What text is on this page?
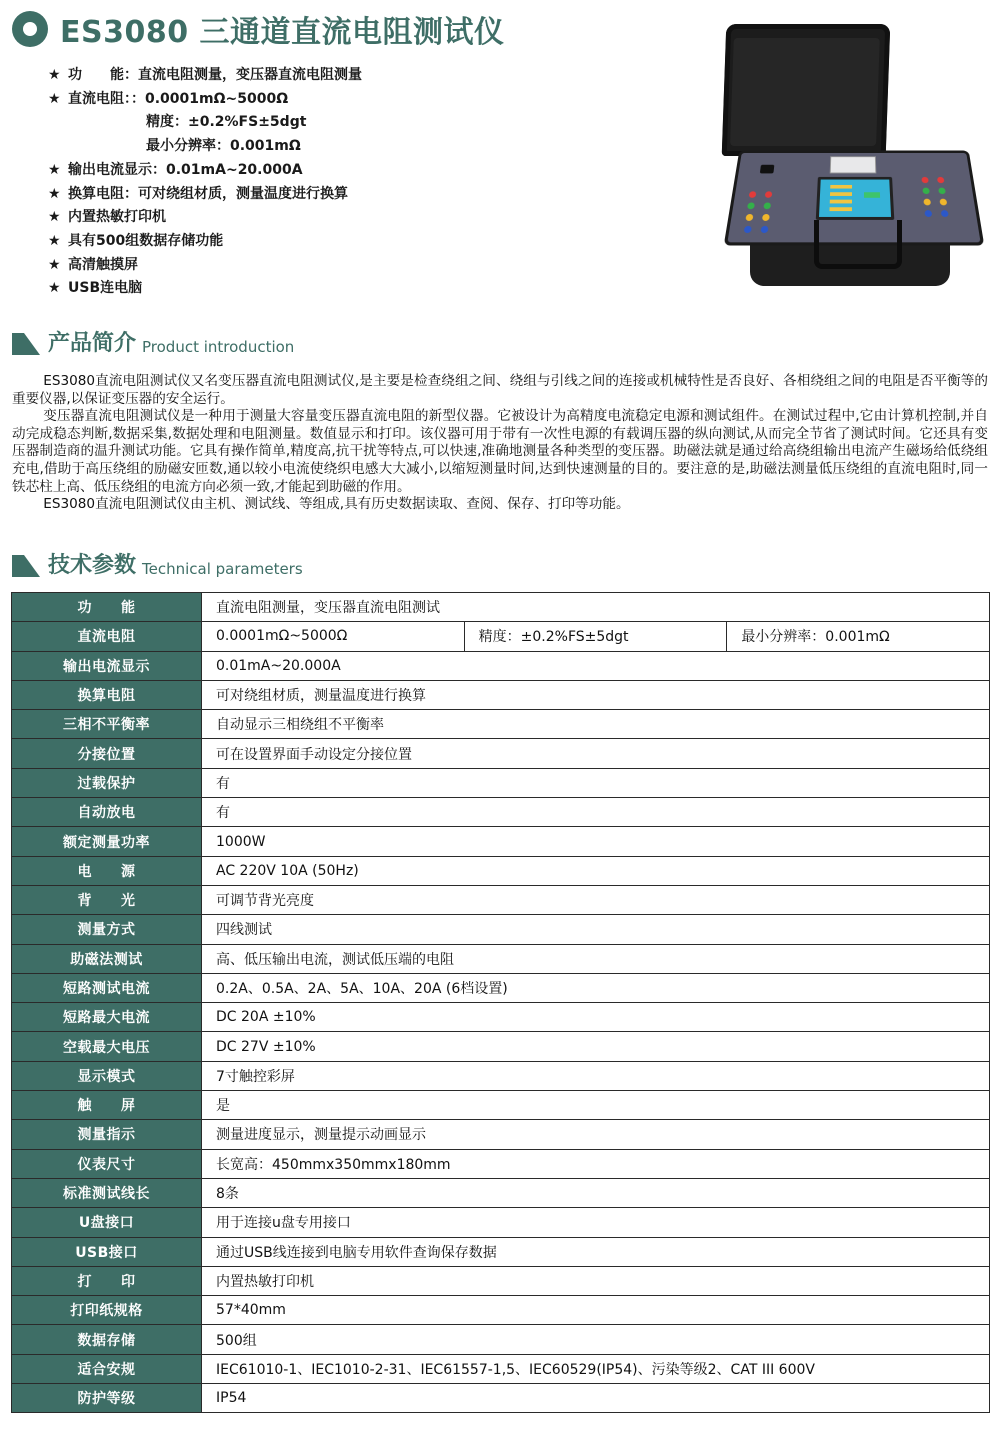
ES3080 三通道直流电阻测试仪
★ 功　　能：直流电阻测量，变压器直流电阻测量
★ 直流电阻：：0.0001mΩ~5000Ω
精度：±0.2%FS±5dgt
最小分辨率：0.001mΩ
★ 输出电流显示：0.01mA~20.000A
★ 换算电阻：可对绕组材质，测量温度进行换算
★ 内置热敏打印机
★ 具有500组数据存储功能
★ 高清触摸屏
★ USB连电脑
产品简介 Product introduction

ES3080直流电阻测试仪又名变压器直流电阻测试仪,是主要是检查绕组之间、绕组与引线之间的连接或机械特性是否良好、各相绕组之间的电阻是否平衡等的重要仪器,以保证变压器的安全运行。

变压器直流电阻测试仪是一种用于测量大容量变压器直流电阻的新型仪器。它被设计为高精度电流稳定电源和测试组件。在测试过程中,它由计算机控制,并自动完成稳态判断,数据采集,数据处理和电阻测量。数值显示和打印。该仪器可用于带有一次性电源的有载调压器的纵向测试,从而完全节省了测试时间。它还具有变压器制造商的温升测试功能。它具有操作简单,精度高,抗干扰等特点,可以快速,准确地测量各种类型的变压器。助磁法就是通过给高绕组输出电流产生磁场给低绕组充电,借助于高压绕组的励磁安匝数,通以较小电流使绕织电感大大减小,以缩短测量时间,达到快速测量的目的。要注意的是,助磁法测量低压绕组的直流电阻时,同一铁芯柱上高、低压绕组的电流方向必须一致,才能起到助磁的作用。

ES3080直流电阻测试仪由主机、测试线、等组成,具有历史数据读取、查阅、保存、打印等功能。

技术参数 Technical parameters
功　　能	直流电阻测量，变压器直流电阻测试		
直流电阻	0.0001mΩ~5000Ω	精度：±0.2%FS±5dgt	最小分辨率：0.001mΩ
输出电流显示	0.01mA~20.000A		
换算电阻	可对绕组材质，测量温度进行换算		
三相不平衡率	自动显示三相绕组不平衡率		
分接位置	可在设置界面手动设定分接位置		
过载保护	有		
自动放电	有		
额定测量功率	1000W		
电　　源	AC 220V 10A (50Hz)		
背　　光	可调节背光亮度		
测量方式	四线测试		
助磁法测试	高、低压输出电流，测试低压端的电阻		
短路测试电流	0.2A、0.5A、2A、5A、10A、20A (6档设置)		
短路最大电流	DC 20A ±10%		
空载最大电压	DC 27V ±10%		
显示模式	7寸触控彩屏		
触　　屏	是		
测量指示	测量进度显示，测量提示动画显示		
仪表尺寸	长宽高：450mmx350mmx180mm		
标准测试线长	8条		
U盘接口	用于连接u盘专用接口		
USB接口	通过USB线连接到电脑专用软件查询保存数据		
打　　印	内置热敏打印机		
打印纸规格	57*40mm		
数据存储	500组		
适合安规	IEC61010-1、IEC1010-2-31、IEC61557-1,5、IEC60529(IP54)、污染等级2、CAT III 600V		
防护等级	IP54		
